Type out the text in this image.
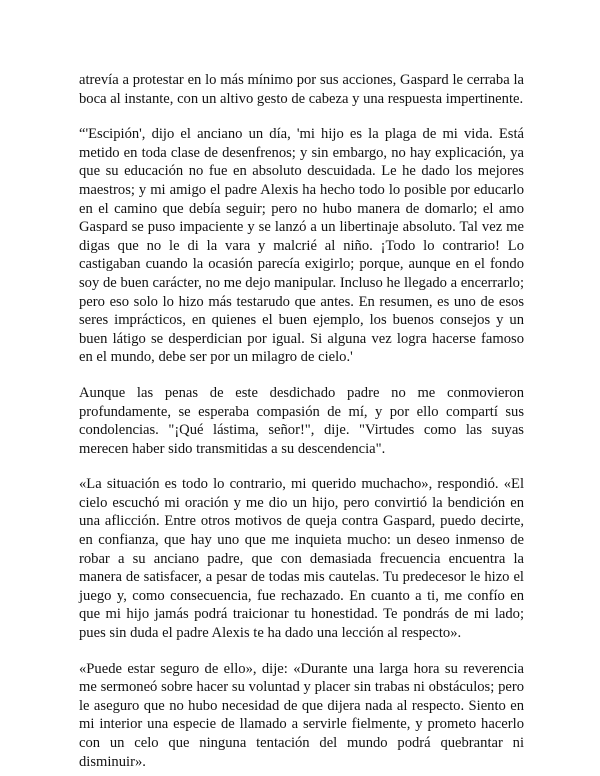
atrevía a protestar en lo más mínimo por sus acciones, Gaspard le cerraba la boca al instante, con un altivo gesto de cabeza y una respuesta impertinente.

“'Escipión', dijo el anciano un día, 'mi hijo es la plaga de mi vida. Está metido en toda clase de desenfrenos; y sin embargo, no hay explicación, ya que su educación no fue en absoluto descuidada. Le he dado los mejores maestros; y mi amigo el padre Alexis ha hecho todo lo posible por educarlo en el camino que debía seguir; pero no hubo manera de domarlo; el amo Gaspard se puso impaciente y se lanzó a un libertinaje absoluto. Tal vez me digas que no le di la vara y malcrié al niño. ¡Todo lo contrario! Lo castigaban cuando la ocasión parecía exigirlo; porque, aunque en el fondo soy de buen carácter, no me dejo manipular. Incluso he llegado a encerrarlo; pero eso solo lo hizo más testarudo que antes. En resumen, es uno de esos seres imprácticos, en quienes el buen ejemplo, los buenos consejos y un buen látigo se desperdician por igual. Si alguna vez logra hacerse famoso en el mundo, debe ser por un milagro de cielo.'

Aunque las penas de este desdichado padre no me conmovieron profundamente, se esperaba compasión de mí, y por ello compartí sus condolencias. "¡Qué lástima, señor!", dije. "Virtudes como las suyas merecen haber sido transmitidas a su descendencia".

«La situación es todo lo contrario, mi querido muchacho», respondió. «El cielo escuchó mi oración y me dio un hijo, pero convirtió la bendición en una aflicción. Entre otros motivos de queja contra Gaspard, puedo decirte, en confianza, que hay uno que me inquieta mucho: un deseo inmenso de robar a su anciano padre, que con demasiada frecuencia encuentra la manera de satisfacer, a pesar de todas mis cautelas. Tu predecesor le hizo el juego y, como consecuencia, fue rechazado. En cuanto a ti, me confío en que mi hijo jamás podrá traicionar tu honestidad. Te pondrás de mi lado; pues sin duda el padre Alexis te ha dado una lección al respecto».

«Puede estar seguro de ello», dije: «Durante una larga hora su reverencia me sermoneó sobre hacer su voluntad y placer sin trabas ni obstáculos; pero le aseguro que no hubo necesidad de que dijera nada al respecto. Siento en mi interior una especie de llamado a servirle fielmente, y prometo hacerlo con un celo que ninguna tentación del mundo podrá quebrantar ni disminuir».
